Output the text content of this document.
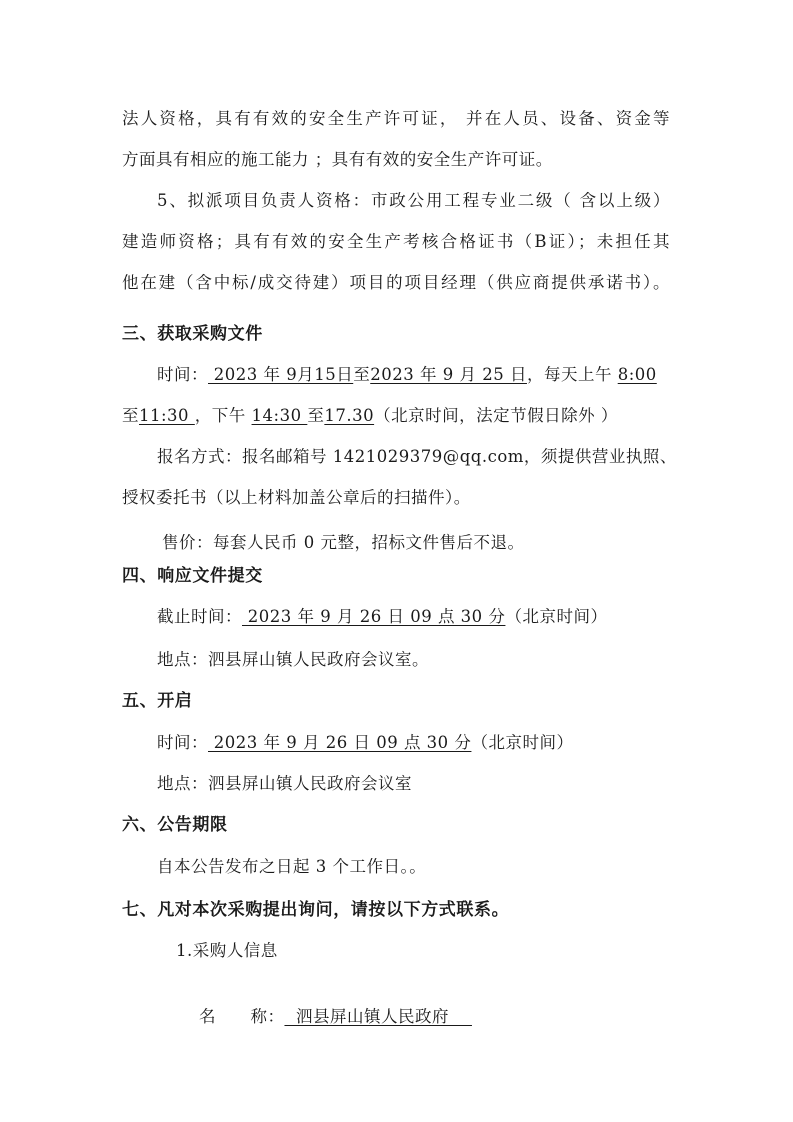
法人资格，具有有效的安全生产许可证， 并在人员、设备、资金等
方面具有相应的施工能力 ；具有有效的安全生产许可证。
5、拟派项目负责人资格：市政公用工程专业二级（ 含以上级）
建造师资格；具有有效的安全生产考核合格证书（B证）；未担任其
他在建（含中标/成交待建）项目的项目经理（供应商提供承诺书）。
三、获取采购文件
时间： 2023 年 9月15日至2023 年 9 月 25 日，每天上午 8:00
至11:30 ，下午 14:30 至17.30（北京时间，法定节假日除外 ）
报名方式：报名邮箱号 1421029379@qq.com，须提供营业执照、
授权委托书（以上材料加盖公章后的扫描件）。
售价：每套人民币 0 元整，招标文件售后不退。
四、响应文件提交
截止时间： 2023 年 9 月 26 日 09 点 30 分（北京时间）
地点：泗县屏山镇人民政府会议室。
五、开启
时间： 2023 年 9 月 26 日 09 点 30 分（北京时间）
地点：泗县屏山镇人民政府会议室
六、公告期限
自本公告发布之日起 3 个工作日。。
七、凡对本次采购提出询问，请按以下方式联系。
1.采购人信息

名      称：  泗县屏山镇人民政府
